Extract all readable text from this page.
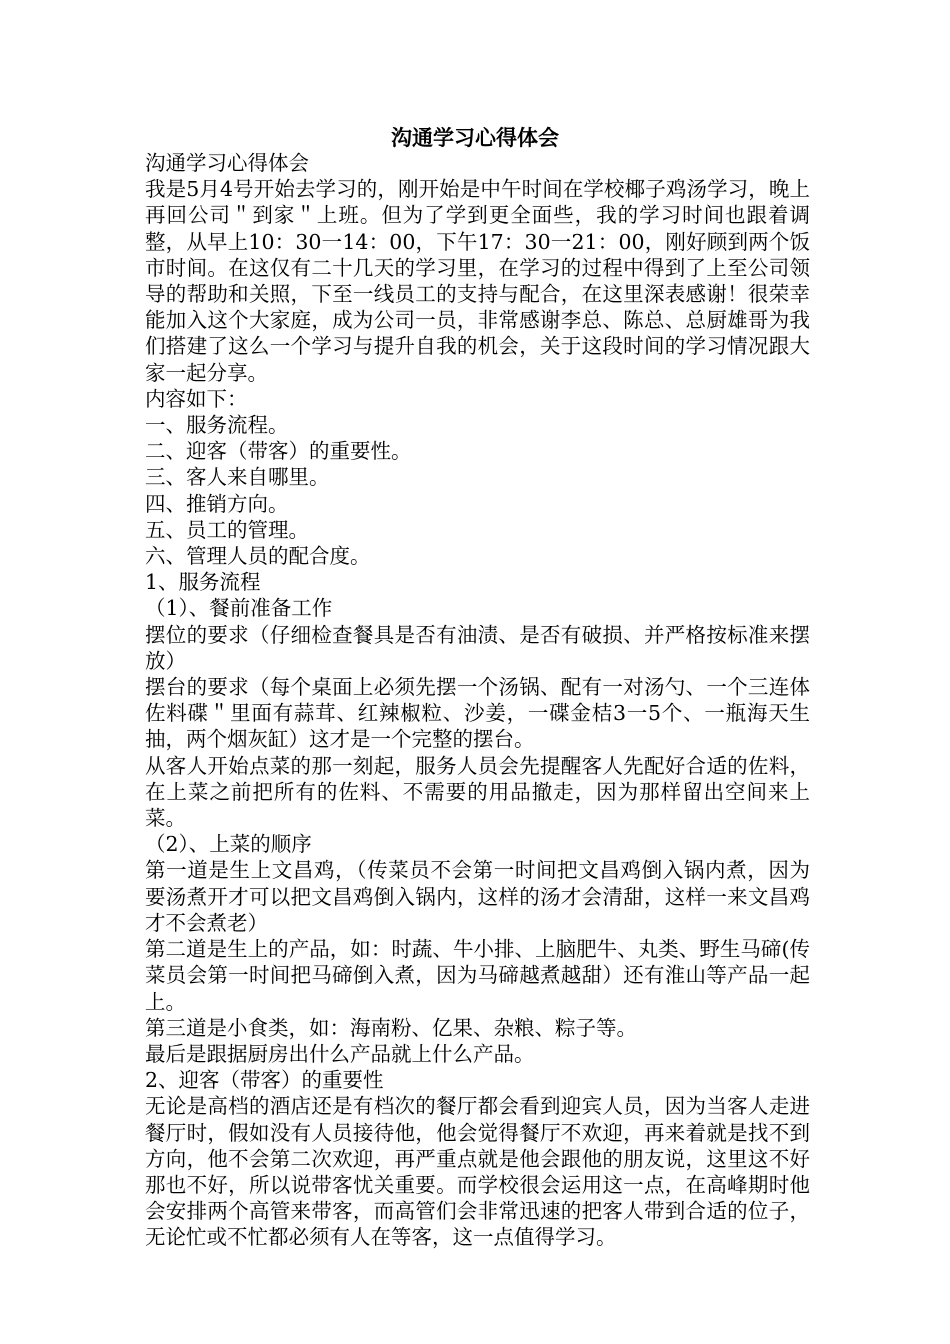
沟通学习心得体会

沟通学习心得体会

我是5月4号开始去学习的，刚开始是中午时间在学校椰子鸡汤学习，晚上再回公司＂到家＂上班。但为了学到更全面些，我的学习时间也跟着调整，从早上10：30一14：00，下午17：30一21：00，刚好顾到两个饭市时间。在这仅有二十几天的学习里，在学习的过程中得到了上至公司领导的帮助和关照，下至一线员工的支持与配合，在这里深表感谢！很荣幸能加入这个大家庭，成为公司一员，非常感谢李总、陈总、总厨雄哥为我们搭建了这么一个学习与提升自我的机会，关于这段时间的学习情况跟大家一起分享。

内容如下：

一、服务流程。

二、迎客（带客）的重要性。

三、客人来自哪里。

四、推销方向。

五、员工的管理。

六、管理人员的配合度。

1、服务流程

（1）、餐前准备工作

摆位的要求（仔细检查餐具是否有油渍、是否有破损、并严格按标准来摆放）

摆台的要求（每个桌面上必须先摆一个汤锅、配有一对汤勺、一个三连体佐料碟＂里面有蒜茸、红辣椒粒、沙姜，一碟金桔3一5个、一瓶海天生抽，两个烟灰缸）这才是一个完整的摆台。

从客人开始点菜的那一刻起，服务人员会先提醒客人先配好合适的佐料，在上菜之前把所有的佐料、不需要的用品撤走，因为那样留出空间来上菜。

（2）、上菜的顺序

第一道是生上文昌鸡，（传菜员不会第一时间把文昌鸡倒入锅内煮，因为要汤煮开才可以把文昌鸡倒入锅内，这样的汤才会清甜，这样一来文昌鸡才不会煮老）

第二道是生上的产品，如：时蔬、牛小排、上脑肥牛、丸类、野生马碲(传菜员会第一时间把马碲倒入煮，因为马碲越煮越甜）还有淮山等产品一起上。

第三道是小食类，如：海南粉、亿果、杂粮、粽子等。

最后是跟据厨房出什么产品就上什么产品。

2、迎客（带客）的重要性

无论是高档的酒店还是有档次的餐厅都会看到迎宾人员，因为当客人走进餐厅时，假如没有人员接待他，他会觉得餐厅不欢迎，再来着就是找不到方向，他不会第二次欢迎，再严重点就是他会跟他的朋友说，这里这不好那也不好，所以说带客忧关重要。而学校很会运用这一点，在高峰期时他会安排两个高管来带客，而高管们会非常迅速的把客人带到合适的位子，无论忙或不忙都必须有人在等客，这一点值得学习。
